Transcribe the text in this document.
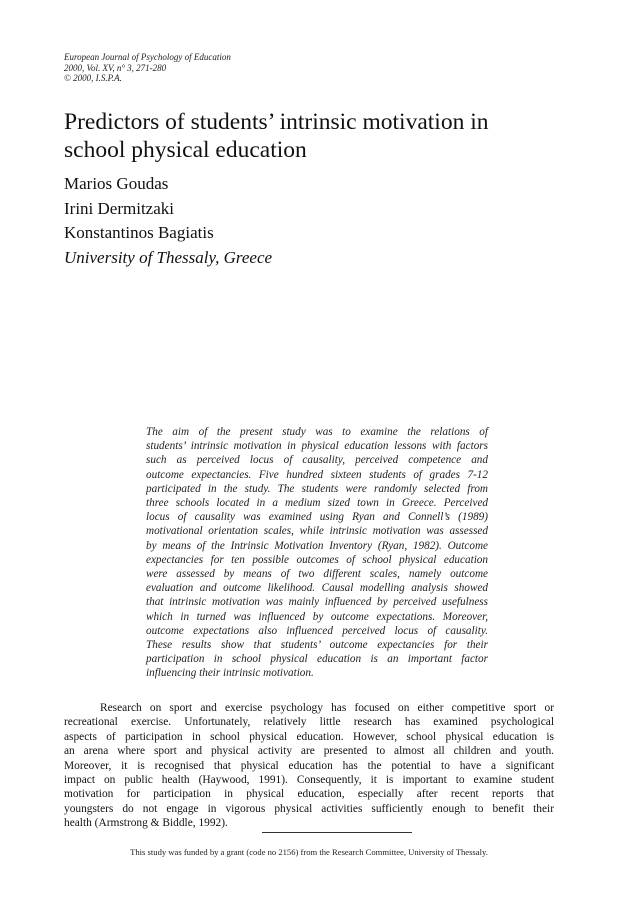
European Journal of Psychology of Education
2000, Vol. XV, n° 3, 271-280
© 2000, I.S.P.A.
Predictors of students’ intrinsic motivation in
school physical education
Marios Goudas
Irini Dermitzaki
Konstantinos Bagiatis
University of Thessaly, Greece

The aim of the present study was to examine the relations of
students’ intrinsic motivation in physical education lessons with factors
such as perceived locus of causality, perceived competence and
outcome expectancies. Five hundred sixteen students of grades 7-12
participated in the study. The students were randomly selected from
three schools located in a medium sized town in Greece. Perceived
locus of causality was examined using Ryan and Connell’s (1989)
motivational orientation scales, while intrinsic motivation was assessed
by means of the Intrinsic Motivation Inventory (Ryan, 1982). Outcome
expectancies for ten possible outcomes of school physical education
were assessed by means of two different scales, namely outcome
evaluation and outcome likelihood. Causal modelling analysis showed
that intrinsic motivation was mainly influenced by perceived usefulness
which in turned was influenced by outcome expectations. Moreover,
outcome expectations also influenced perceived locus of causality.
These results show that students’ outcome expectancies for their
participation in school physical education is an important factor
influencing their intrinsic motivation.

Research on sport and exercise psychology has focused on either competitive sport or
recreational exercise. Unfortunately, relatively little research has examined psychological
aspects of participation in school physical education. However, school physical education is
an arena where sport and physical activity are presented to almost all children and youth.
Moreover, it is recognised that physical education has the potential to have a significant
impact on public health (Haywood, 1991). Consequently, it is important to examine student
motivation for participation in physical education, especially after recent reports that
youngsters do not engage in vigorous physical activities sufficiently enough to benefit their
health (Armstrong & Biddle, 1992).

This study was funded by a grant (code no 2156) from the Research Committee, University of Thessaly.
